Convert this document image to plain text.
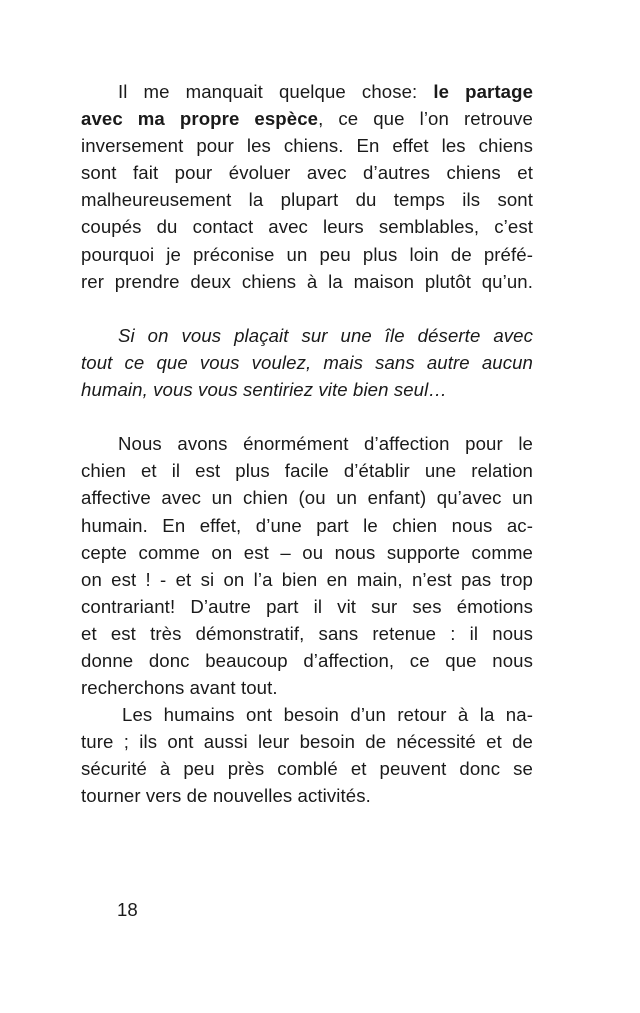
Il me manquait quelque chose: le partage
avec ma propre espèce, ce que l’on retrouve
inversement pour les chiens. En effet les chiens
sont fait pour évoluer avec d’autres chiens et
malheureusement la plupart du temps ils sont
coupés du contact avec leurs semblables, c’est
pourquoi je préconise un peu plus loin de préfé-
rer prendre deux chiens à la maison plutôt qu’un.
Si on vous plaçait sur une île déserte avec
tout ce que vous voulez, mais sans autre aucun
humain, vous vous sentiriez vite bien seul…
Nous avons énormément d’affection pour le
chien et il est plus facile d’établir une relation
affective avec un chien (ou un enfant) qu’avec un
humain. En effet, d’une part le chien nous ac-
cepte comme on est – ou nous supporte comme
on est ! - et si on l’a bien en main, n’est pas trop
contrariant! D’autre part il vit sur ses émotions
et est très démonstratif, sans retenue : il nous
donne donc beaucoup d’affection, ce que nous
recherchons avant tout.
Les humains ont besoin d’un retour à la na-
ture ; ils ont aussi leur besoin de nécessité et de
sécurité à peu près comblé et peuvent donc se
tourner vers de nouvelles activités.
18
